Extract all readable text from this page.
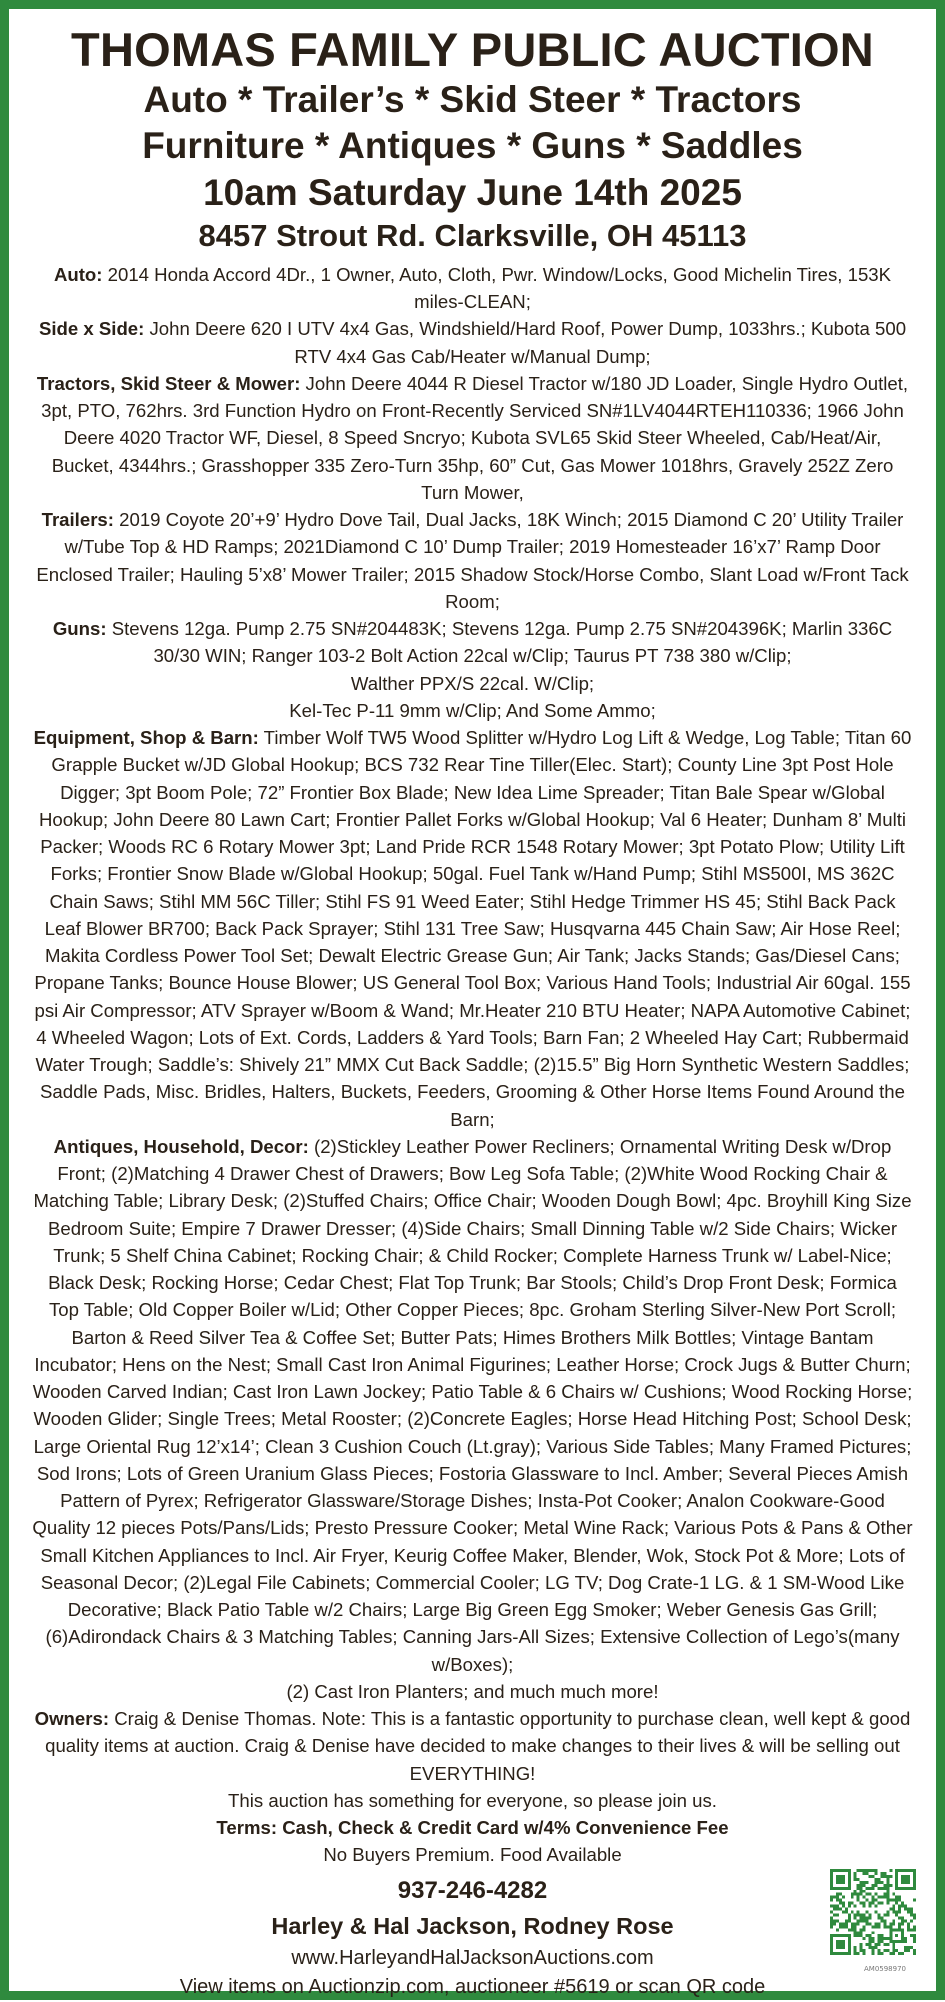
THOMAS FAMILY PUBLIC AUCTION

Auto * Trailer’s * Skid Steer * Tractors

Furniture * Antiques * Guns * Saddles

10am Saturday June 14th 2025

8457 Strout Rd. Clarksville, OH 45113

Auto: 2014 Honda Accord 4Dr., 1 Owner, Auto, Cloth, Pwr. Window/Locks, Good Michelin Tires, 153K miles-CLEAN;
Side x Side: John Deere 620 I UTV 4x4 Gas, Windshield/Hard Roof, Power Dump, 1033hrs.; Kubota 500 RTV 4x4 Gas Cab/Heater w/Manual Dump;
Tractors, Skid Steer & Mower: John Deere 4044 R Diesel Tractor w/180 JD Loader, Single Hydro Outlet, 3pt, PTO, 762hrs. 3rd Function Hydro on Front-Recently Serviced SN#1LV4044RTEH110336; 1966 John Deere 4020 Tractor WF, Diesel, 8 Speed Sncryo; Kubota SVL65 Skid Steer Wheeled, Cab/Heat/Air, Bucket, 4344hrs.; Grasshopper 335 Zero-Turn 35hp, 60” Cut, Gas Mower 1018hrs, Gravely 252Z Zero Turn Mower,
Trailers: 2019 Coyote 20’+9’ Hydro Dove Tail, Dual Jacks, 18K Winch; 2015 Diamond C 20’ Utility Trailer w/Tube Top & HD Ramps; 2021Diamond C 10’ Dump Trailer; 2019 Homesteader 16’x7’ Ramp Door Enclosed Trailer; Hauling 5’x8’ Mower Trailer; 2015 Shadow Stock/Horse Combo, Slant Load w/Front Tack Room;
Guns: Stevens 12ga. Pump 2.75 SN#204483K; Stevens 12ga. Pump 2.75 SN#204396K; Marlin 336C 30/30 WIN; Ranger 103-2 Bolt Action 22cal w/Clip; Taurus PT 738 380 w/Clip;
Walther PPX/S 22cal. W/Clip;
Kel-Tec P-11 9mm w/Clip; And Some Ammo;
Equipment, Shop & Barn: Timber Wolf TW5 Wood Splitter w/Hydro Log Lift & Wedge, Log Table; Titan 60 Grapple Bucket w/JD Global Hookup; BCS 732 Rear Tine Tiller(Elec. Start); County Line 3pt Post Hole Digger; 3pt Boom Pole; 72” Frontier Box Blade; New Idea Lime Spreader; Titan Bale Spear w/Global Hookup; John Deere 80 Lawn Cart; Frontier Pallet Forks w/Global Hookup; Val 6 Heater; Dunham 8’ Multi Packer; Woods RC 6 Rotary Mower 3pt; Land Pride RCR 1548 Rotary Mower; 3pt Potato Plow; Utility Lift Forks; Frontier Snow Blade w/Global Hookup; 50gal. Fuel Tank w/Hand Pump; Stihl MS500I, MS 362C Chain Saws; Stihl MM 56C Tiller; Stihl FS 91 Weed Eater; Stihl Hedge Trimmer HS 45; Stihl Back Pack Leaf Blower BR700; Back Pack Sprayer; Stihl 131 Tree Saw; Husqvarna 445 Chain Saw; Air Hose Reel; Makita Cordless Power Tool Set; Dewalt Electric Grease Gun; Air Tank; Jacks Stands; Gas/Diesel Cans; Propane Tanks; Bounce House Blower; US General Tool Box; Various Hand Tools; Industrial Air 60gal. 155 psi Air Compressor; ATV Sprayer w/Boom & Wand; Mr.Heater 210 BTU Heater; NAPA Automotive Cabinet; 4 Wheeled Wagon; Lots of Ext. Cords, Ladders & Yard Tools; Barn Fan; 2 Wheeled Hay Cart; Rubbermaid Water Trough; Saddle’s: Shively 21” MMX Cut Back Saddle; (2)15.5” Big Horn Synthetic Western Saddles; Saddle Pads, Misc. Bridles, Halters, Buckets, Feeders, Grooming & Other Horse Items Found Around the Barn;
Antiques, Household, Decor: (2)Stickley Leather Power Recliners; Ornamental Writing Desk w/Drop Front; (2)Matching 4 Drawer Chest of Drawers; Bow Leg Sofa Table; (2)White Wood Rocking Chair & Matching Table; Library Desk; (2)Stuffed Chairs; Office Chair; Wooden Dough Bowl; 4pc. Broyhill King Size Bedroom Suite; Empire 7 Drawer Dresser; (4)Side Chairs; Small Dinning Table w/2 Side Chairs; Wicker Trunk; 5 Shelf China Cabinet; Rocking Chair; & Child Rocker; Complete Harness Trunk w/ Label-Nice; Black Desk; Rocking Horse; Cedar Chest; Flat Top Trunk; Bar Stools; Child’s Drop Front Desk; Formica Top Table; Old Copper Boiler w/Lid; Other Copper Pieces; 8pc. Groham Sterling Silver-New Port Scroll; Barton & Reed Silver Tea & Coffee Set; Butter Pats; Himes Brothers Milk Bottles; Vintage Bantam Incubator; Hens on the Nest; Small Cast Iron Animal Figurines; Leather Horse; Crock Jugs & Butter Churn; Wooden Carved Indian; Cast Iron Lawn Jockey; Patio Table & 6 Chairs w/ Cushions; Wood Rocking Horse; Wooden Glider; Single Trees; Metal Rooster; (2)Concrete Eagles; Horse Head Hitching Post; School Desk; Large Oriental Rug 12’x14’; Clean 3 Cushion Couch (Lt.gray); Various Side Tables; Many Framed Pictures; Sod Irons; Lots of Green Uranium Glass Pieces; Fostoria Glassware to Incl. Amber; Several Pieces Amish Pattern of Pyrex; Refrigerator Glassware/Storage Dishes; Insta-Pot Cooker; Analon Cookware-Good Quality 12 pieces Pots/Pans/Lids; Presto Pressure Cooker; Metal Wine Rack; Various Pots & Pans & Other Small Kitchen Appliances to Incl. Air Fryer, Keurig Coffee Maker, Blender, Wok, Stock Pot & More; Lots of Seasonal Decor; (2)Legal File Cabinets; Commercial Cooler; LG TV; Dog Crate-1 LG. & 1 SM-Wood Like Decorative; Black Patio Table w/2 Chairs; Large Big Green Egg Smoker; Weber Genesis Gas Grill; (6)Adirondack Chairs & 3 Matching Tables; Canning Jars-All Sizes; Extensive Collection of Lego’s(many w/Boxes);
(2) Cast Iron Planters; and much much more!
Owners: Craig & Denise Thomas. Note: This is a fantastic opportunity to purchase clean, well kept & good quality items at auction. Craig & Denise have decided to make changes to their lives & will be selling out EVERYTHING!
This auction has something for everyone, so please join us.
Terms: Cash, Check & Credit Card w/4% Convenience Fee
No Buyers Premium. Food Available

937-246-4282

Harley & Hal Jackson, Rodney Rose

www.HarleyandHalJacksonAuctions.com

View items on Auctionzip.com, auctioneer #5619 or scan QR code

AM0598970
